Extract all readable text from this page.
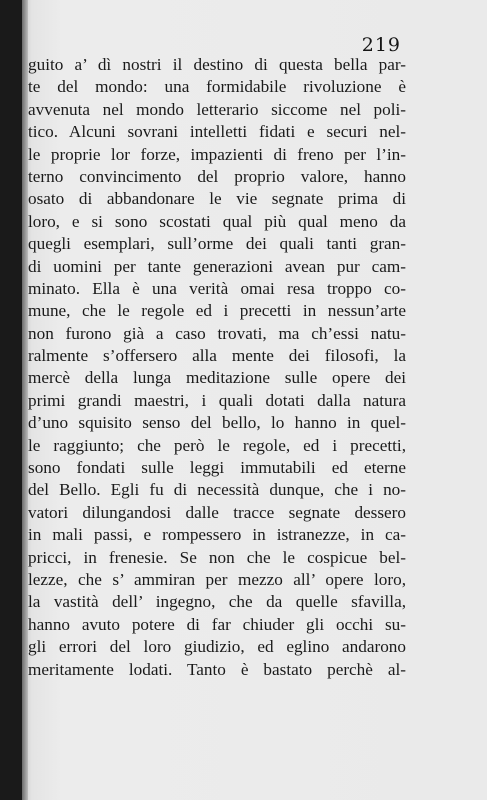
219
guito a’ dì nostri il destino di questa bella par-
te del mondo: una formidabile rivoluzione è
avvenuta nel mondo letterario siccome nel poli-
tico. Alcuni sovrani intelletti fidati e securi nel-
le proprie lor forze, impazienti di freno per l’in-
terno convincimento del proprio valore, hanno
osato di abbandonare le vie segnate prima di
loro, e si sono scostati qual più qual meno da
quegli esemplari, sull’orme dei quali tanti gran-
di uomini per tante generazioni avean pur cam-
minato. Ella è una verità omai resa troppo co-
mune, che le regole ed i precetti in nessun’arte
non furono già a caso trovati, ma ch’essi natu-
ralmente s’offersero alla mente dei filosofi, la
mercè della lunga meditazione sulle opere dei
primi grandi maestri, i quali dotati dalla natura
d’uno squisito senso del bello, lo hanno in quel-
le raggiunto; che però le regole, ed i precetti,
sono fondati sulle leggi immutabili ed eterne
del Bello. Egli fu di necessità dunque, che i no-
vatori dilungandosi dalle tracce segnate dessero
in mali passi, e rompessero in istranezze, in ca-
pricci, in frenesie. Se non che le cospicue bel-
lezze, che s’ ammiran per mezzo all’ opere loro,
la vastità dell’ ingegno, che da quelle sfavilla,
hanno avuto potere di far chiuder gli occhi su-
gli errori del loro giudizio, ed eglino andarono
meritamente lodati. Tanto è bastato perchè al-
